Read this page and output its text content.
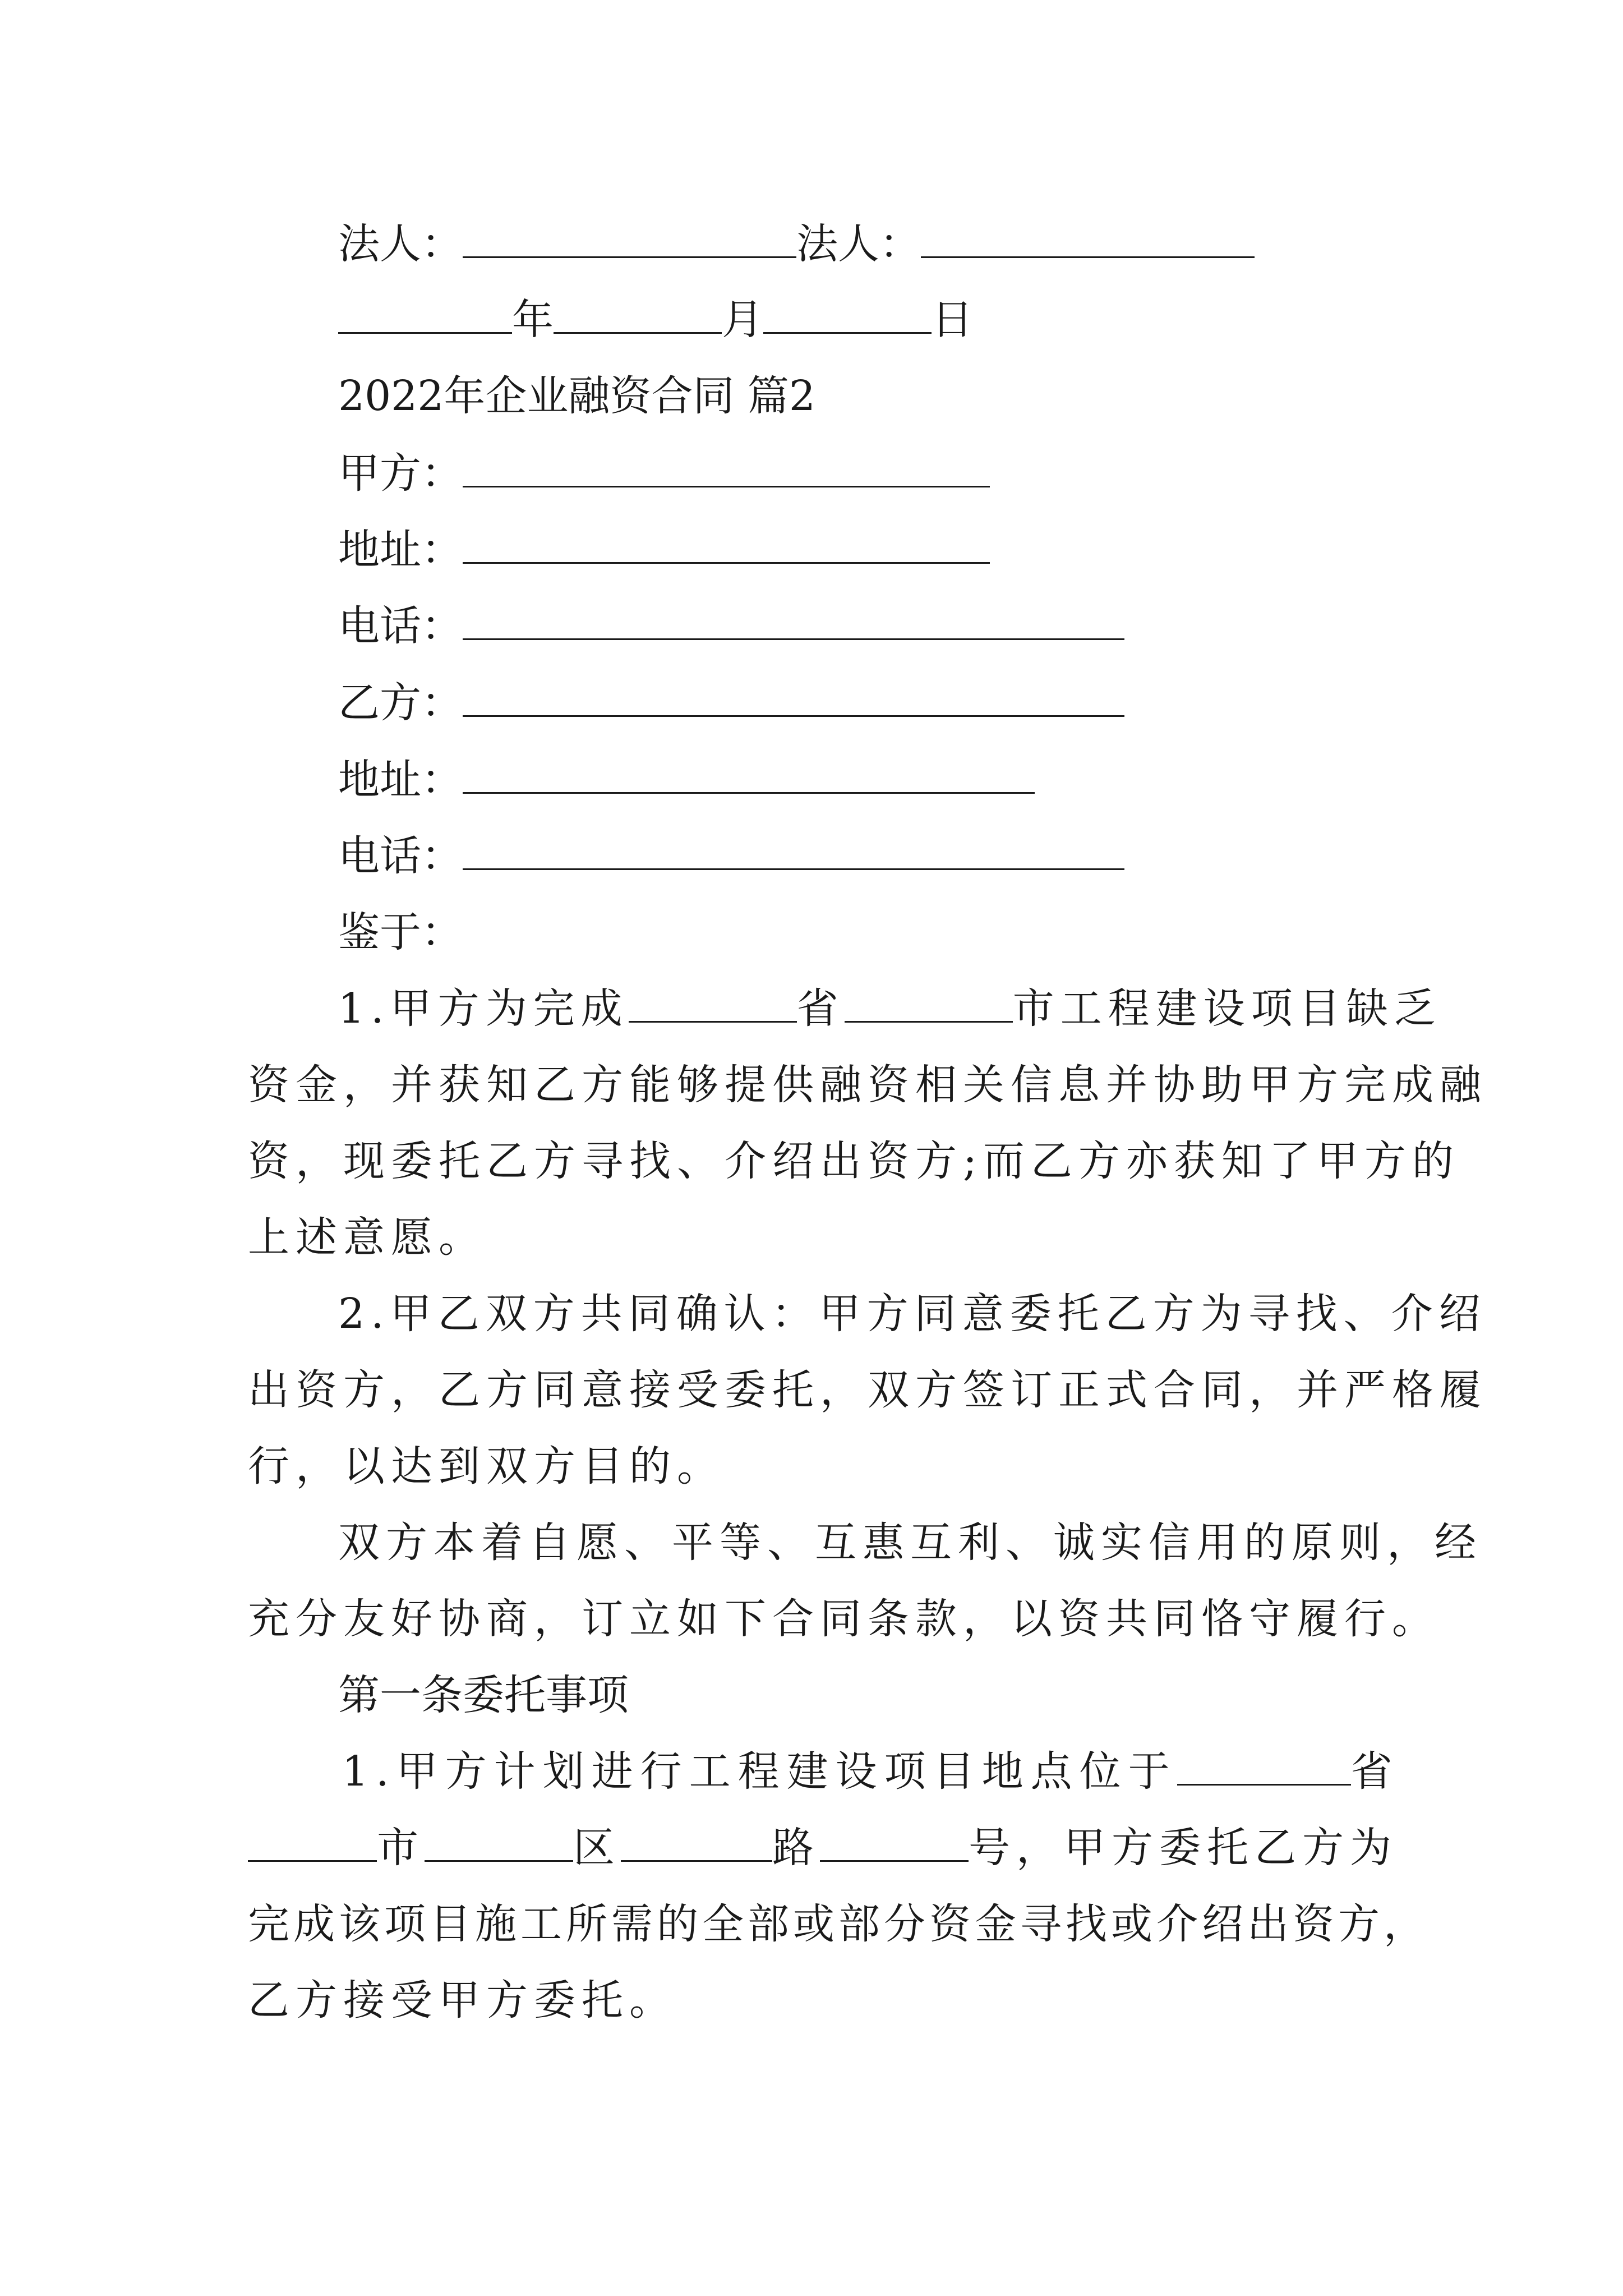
法人：	法人：
年	月	日
2022年企业融资合同 篇2
甲方：
地址：
电话：
乙方：
地址：
电话：
鉴于：
1.甲方为完成	省	市工程建设项目缺乏
资金，并获知乙方能够提供融资相关信息并协助甲方完成融
资，现委托乙方寻找、介绍出资方;而乙方亦获知了甲方的
上述意愿。
2.甲乙双方共同确认：甲方同意委托乙方为寻找、介绍
出资方，乙方同意接受委托，双方签订正式合同，并严格履
行，以达到双方目的。
双方本着自愿、平等、互惠互利、诚实信用的原则，经
充分友好协商，订立如下合同条款，以资共同恪守履行。
第一条委托事项
1.甲方计划进行工程建设项目地点位于	省
市	区	路	号，甲方委托乙方为
完成该项目施工所需的全部或部分资金寻找或介绍出资方，
乙方接受甲方委托。
